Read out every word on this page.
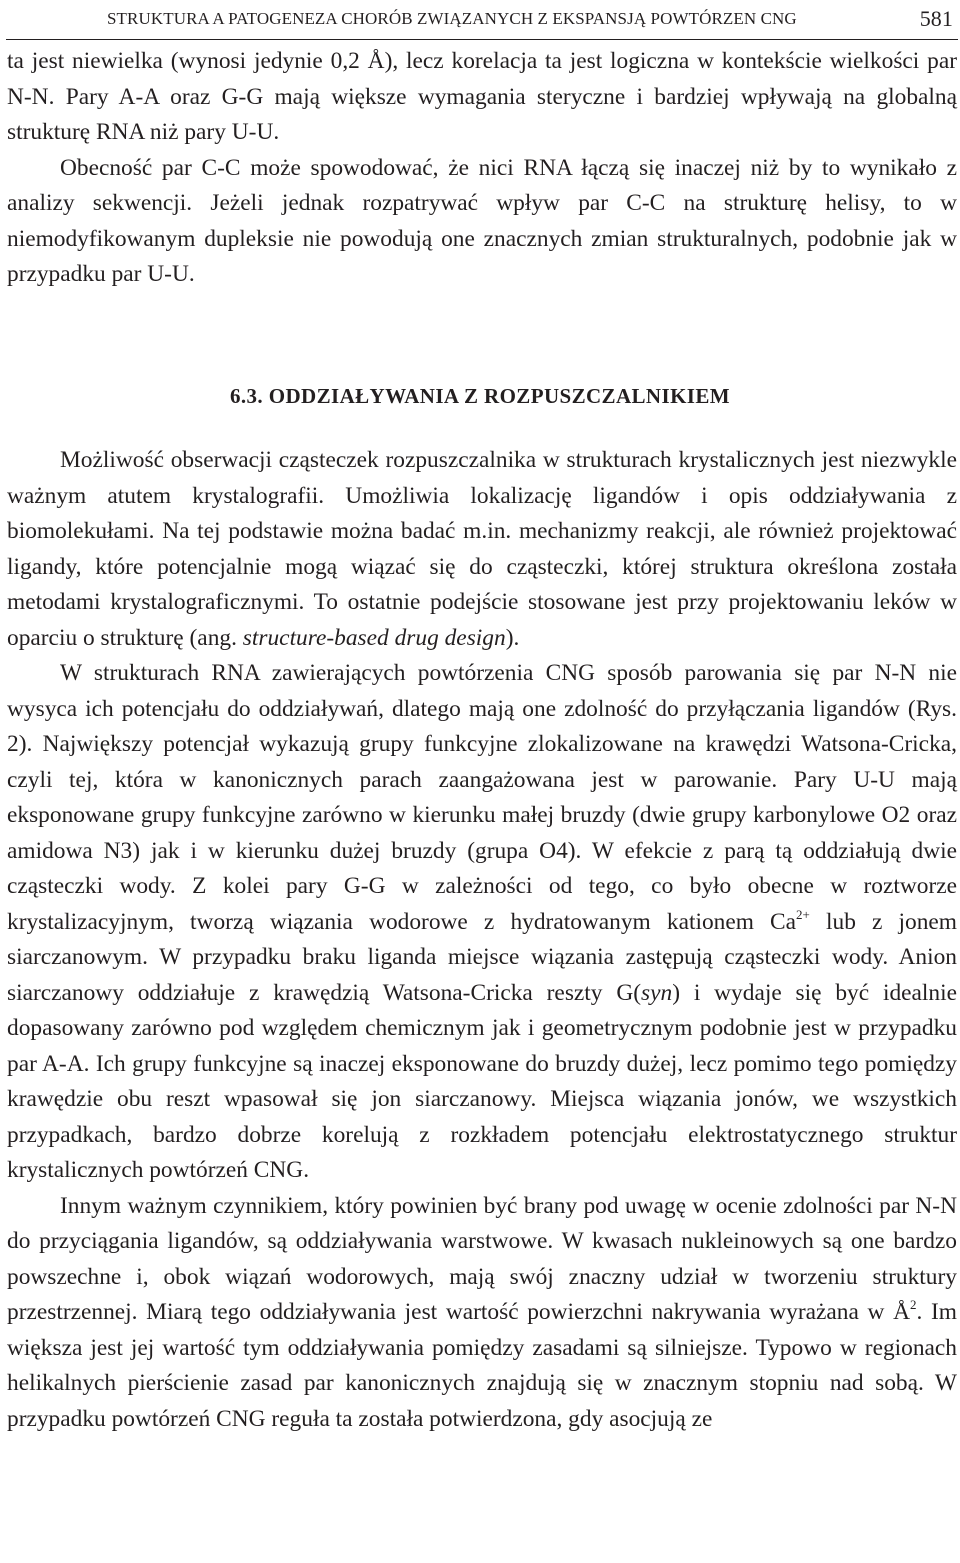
STRUKTURA A PATOGENEZA CHORÓB ZWIĄZANYCH Z EKSPANSJĄ POWTÓRZEN CNG	581

ta jest niewielka (wynosi jedynie 0,2 Å), lecz korelacja ta jest logiczna w kontekście wielkości par N-N. Pary A-A oraz G-G mają większe wymagania steryczne i bardziej wpływają na globalną strukturę RNA niż pary U-U.

Obecność par C-C może spowodować, że nici RNA łączą się inaczej niż by to wynikało z analizy sekwencji. Jeżeli jednak rozpatrywać wpływ par C-C na strukturę helisy, to w niemodyfikowanym dupleksie nie powodują one znacznych zmian strukturalnych, podobnie jak w przypadku par U-U.

6.3. ODDZIAŁYWANIA Z ROZPUSZCZALNIKIEM

Możliwość obserwacji cząsteczek rozpuszczalnika w strukturach krystalicznych jest niezwykle ważnym atutem krystalografii. Umożliwia lokalizację ligandów i opis oddziaływania z biomolekułami. Na tej podstawie można badać m.in. mechanizmy reakcji, ale również projektować ligandy, które potencjalnie mogą wiązać się do cząsteczki, której struktura określona została metodami krystalograficznymi. To ostatnie podejście stosowane jest przy projektowaniu leków w oparciu o strukturę (ang. structure-based drug design).

W strukturach RNA zawierających powtórzenia CNG sposób parowania się par N-N nie wysyca ich potencjału do oddziaływań, dlatego mają one zdolność do przyłączania ligandów (Rys. 2). Największy potencjał wykazują grupy funkcyjne zlokalizowane na krawędzi Watsona-Cricka, czyli tej, która w kanonicznych parach zaangażowana jest w parowanie. Pary U-U mają eksponowane grupy funkcyjne zarówno w kierunku małej bruzdy (dwie grupy karbonylowe O2 oraz amidowa N3) jak i w kierunku dużej bruzdy (grupa O4). W efekcie z parą tą oddziałują dwie cząsteczki wody. Z kolei pary G-G w zależności od tego, co było obecne w roztworze krystalizacyjnym, tworzą wiązania wodorowe z hydratowanym kationem $Ca^{2+}$ lub z jonem siarczanowym. W przypadku braku liganda miejsce wiązania zastępują cząsteczki wody. Anion siarczanowy oddziałuje z krawędzią Watsona-Cricka reszty G(syn) i wydaje się być idealnie dopasowany zarówno pod względem chemicznym jak i geometrycznym podobnie jest w przypadku par A-A. Ich grupy funkcyjne są inaczej eksponowane do bruzdy dużej, lecz pomimo tego pomiędzy krawędzie obu reszt wpasował się jon siarczanowy. Miejsca wiązania jonów, we wszystkich przypadkach, bardzo dobrze korelują z rozkładem potencjału elektrostatycznego struktur krystalicznych powtórzeń CNG.

Innym ważnym czynnikiem, który powinien być brany pod uwagę w ocenie zdolności par N-N do przyciągania ligandów, są oddziaływania warstwowe. W kwasach nukleinowych są one bardzo powszechne i, obok wiązań wodorowych, mają swój znaczny udział w tworzeniu struktury przestrzennej. Miarą tego oddziaływania jest wartość powierzchni nakrywania wyrażana w $Å^2$. Im większa jest jej wartość tym oddziaływania pomiędzy zasadami są silniejsze. Typowo w regionach helikalnych pierścienie zasad par kanonicznych znajdują się w znacznym stopniu nad sobą. W przypadku powtórzeń CNG reguła ta została potwierdzona, gdy asocjują ze
